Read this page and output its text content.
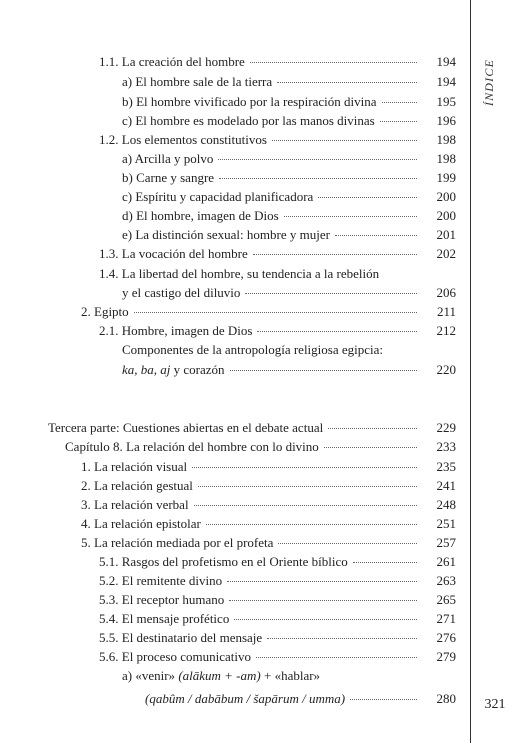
ÍNDICE
1.1. La creación del hombre	194
a) El hombre sale de la tierra	194
b) El hombre vivificado por la respiración divina	195
c) El hombre es modelado por las manos divinas	196
1.2. Los elementos constitutivos	198
a) Arcilla y polvo	198
b) Carne y sangre	199
c) Espíritu y capacidad planificadora	200
d) El hombre, imagen de Dios	200
e) La distinción sexual: hombre y mujer	201
1.3. La vocación del hombre	202
1.4. La libertad del hombre, su tendencia a la rebelión
y el castigo del diluvio	206
2. Egipto	211
2.1. Hombre, imagen de Dios	212
Componentes de la antropología religiosa egipcia:
ka, ba, aj y corazón	220
Tercera parte: Cuestiones abiertas en el debate actual	229
Capítulo 8. La relación del hombre con lo divino	233
1. La relación visual	235
2. La relación gestual	241
3. La relación verbal	248
4. La relación epistolar	251
5. La relación mediada por el profeta	257
5.1. Rasgos del profetismo en el Oriente bíblico	261
5.2. El remitente divino	263
5.3. El receptor humano	265
5.4. El mensaje profético	271
5.5. El destinatario del mensaje	276
5.6. El proceso comunicativo	279
a) «venir» (alākum + -am) + «hablar»
(qabûm / dabābum / šapārum / umma)	280	321
